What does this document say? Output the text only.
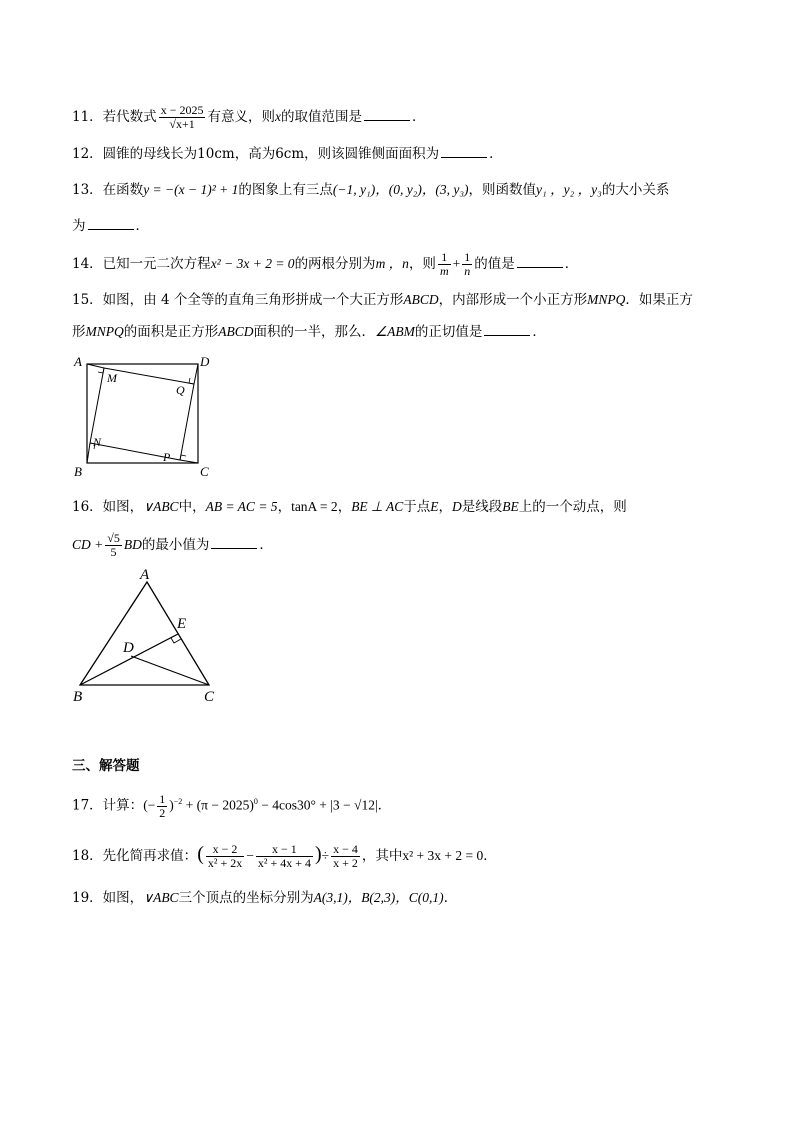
11．若代数式 $\frac{x - 2025}{√x+1}$ 有意义，则x的取值范围是	．
12．圆锥的母线长为10cm，高为6cm，则该圆锥侧面面积为	．
13．在函数y = −(x − 1)² + 1的图象上有三点(−1, y₁)，(0, y₂)，(3, y₃)，则函数值y₁ ，y₂ ，y₃的大小关系
为	．
14．已知一元二次方程x² − 3x + 2 = 0的两根分别为m ，n，则 $\frac{1}{m} + \frac{1}{n}$ 的值是	．
15．如图，由 4 个全等的直角三角形拼成一个大正方形ABCD，内部形成一个小正方形MNPQ．如果正方
形MNPQ的面积是正方形ABCD面积的一半，那么．∠ABM的正切值是	．
A	D
B	C
M
Q
N
P
16．如图，∨ABC中，AB = AC = 5，tanA = 2，BE ⊥ AC于点E，D是线段BE上的一个动点，则
CD + $\frac{√5}{5}$ BD的最小值为	．
A
B	C
D
E
三、解答题
17．计算：(− $\frac{1}{2} )^{-2} + (\pi - 2025)^0 - 4\cos 30^\circ + |3 - √12|$．
18．先化简再求值：( $\frac{x - 2}{\text{x² + 2x}} - \frac{x - 1}{\text{x² + 4x + 4}}$ )÷ $\frac{x - 4}{x + 2}$ ，其中x² + 3x + 2 = 0．
19．如图，∨ABC三个顶点的坐标分别为A(3,1)，B(2,3)，C(0,1)．
